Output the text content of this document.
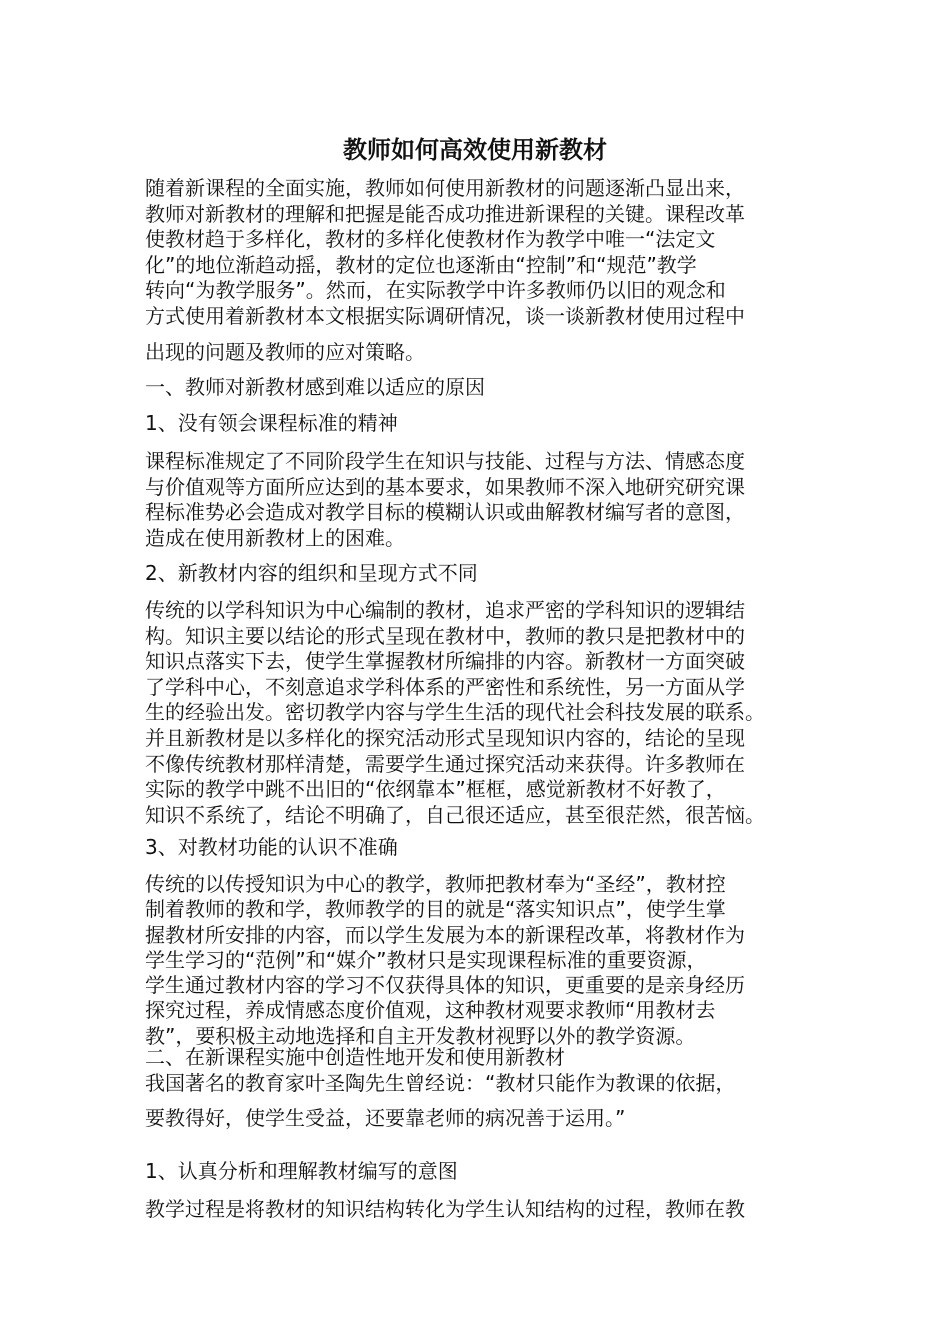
教师如何高效使用新教材
随着新课程的全面实施，教师如何使用新教材的问题逐渐凸显出来，
教师对新教材的理解和把握是能否成功推进新课程的关键。课程改革
使教材趋于多样化，教材的多样化使教材作为教学中唯一“法定文
化”的地位渐趋动摇，教材的定位也逐渐由“控制”和“规范”教学
转向“为教学服务”。然而，在实际教学中许多教师仍以旧的观念和
方式使用着新教材本文根据实际调研情况，谈一谈新教材使用过程中
出现的问题及教师的应对策略。
一、教师对新教材感到难以适应的原因
1、没有领会课程标准的精神
课程标准规定了不同阶段学生在知识与技能、过程与方法、情感态度
与价值观等方面所应达到的基本要求，如果教师不深入地研究研究课
程标准势必会造成对教学目标的模糊认识或曲解教材编写者的意图，
造成在使用新教材上的困难。
2、新教材内容的组织和呈现方式不同
传统的以学科知识为中心编制的教材，追求严密的学科知识的逻辑结
构。知识主要以结论的形式呈现在教材中，教师的教只是把教材中的
知识点落实下去，使学生掌握教材所编排的内容。新教材一方面突破
了学科中心，不刻意追求学科体系的严密性和系统性，另一方面从学
生的经验出发。密切教学内容与学生生活的现代社会科技发展的联系。
并且新教材是以多样化的探究活动形式呈现知识内容的，结论的呈现
不像传统教材那样清楚，需要学生通过探究活动来获得。许多教师在
实际的教学中跳不出旧的“依纲靠本”框框，感觉新教材不好教了，
知识不系统了，结论不明确了，自己很还适应，甚至很茫然，很苦恼。
3、对教材功能的认识不准确
传统的以传授知识为中心的教学，教师把教材奉为“圣经”，教材控
制着教师的教和学，教师教学的目的就是“落实知识点”，使学生掌
握教材所安排的内容，而以学生发展为本的新课程改革，将教材作为
学生学习的“范例”和“媒介”教材只是实现课程标准的重要资源，
学生通过教材内容的学习不仅获得具体的知识，更重要的是亲身经历
探究过程，养成情感态度价值观，这种教材观要求教师“用教材去
教”，要积极主动地选择和自主开发教材视野以外的教学资源。
二、在新课程实施中创造性地开发和使用新教材
我国著名的教育家叶圣陶先生曾经说：“教材只能作为教课的依据，
要教得好，使学生受益，还要靠老师的病况善于运用。”
1、认真分析和理解教材编写的意图
教学过程是将教材的知识结构转化为学生认知结构的过程，教师在教
